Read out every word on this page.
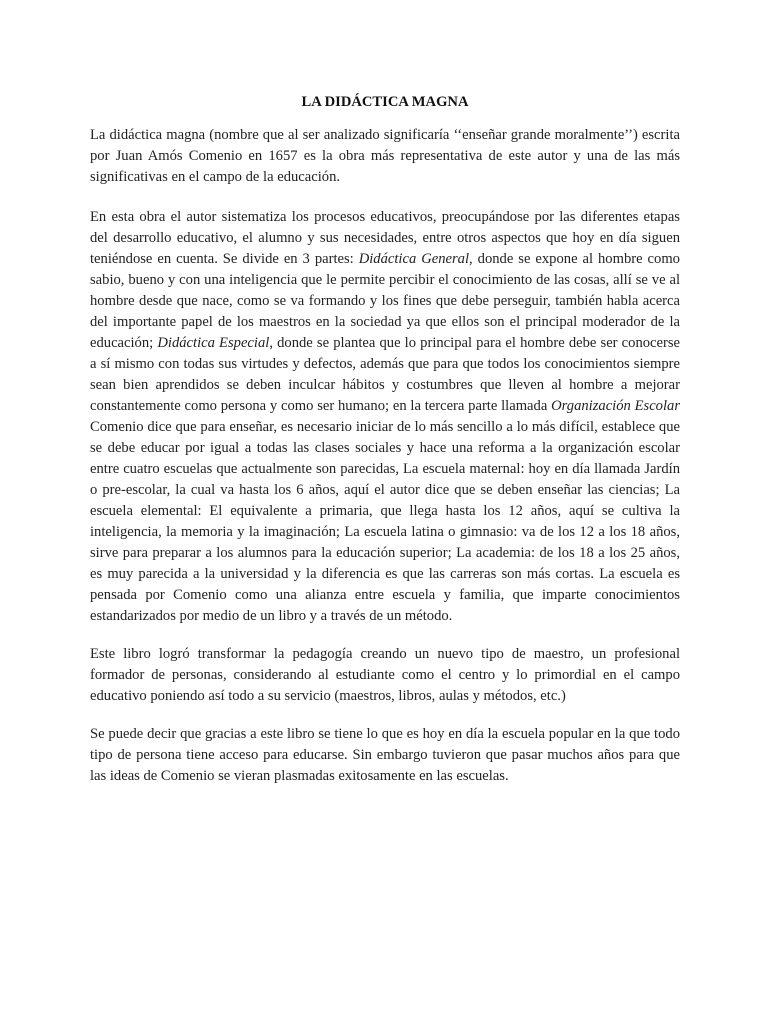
LA DIDÁCTICA MAGNA

La didáctica magna (nombre que al ser analizado significaría ‘‘enseñar grande moralmente’’) escrita por Juan Amós Comenio en 1657 es la obra más representativa de este autor y una de las más significativas en el campo de la educación.

En esta obra el autor sistematiza los procesos educativos, preocupándose por las diferentes etapas del desarrollo educativo, el alumno y sus necesidades, entre otros aspectos que hoy en día siguen teniéndose en cuenta. Se divide en 3 partes: Didáctica General, donde se expone al hombre como sabio, bueno y con una inteligencia que le permite percibir el conocimiento de las cosas, allí se ve al hombre desde que nace, como se va formando y los fines que debe perseguir, también habla acerca del importante papel de los maestros en la sociedad ya que ellos son el principal moderador de la educación; Didáctica Especial, donde se plantea que lo principal para el hombre debe ser conocerse a sí mismo con todas sus virtudes y defectos, además que para que todos los conocimientos siempre sean bien aprendidos se deben inculcar hábitos y costumbres que lleven al hombre a mejorar constantemente como persona y como ser humano; en la tercera parte llamada Organización Escolar Comenio dice que para enseñar, es necesario iniciar de lo más sencillo a lo más difícil, establece que se debe educar por igual a todas las clases sociales y hace una reforma a la organización escolar entre cuatro escuelas que actualmente son parecidas, La escuela maternal: hoy en día llamada Jardín o pre-escolar, la cual va hasta los 6 años, aquí el autor dice que se deben enseñar las ciencias; La escuela elemental: El equivalente a primaria, que llega hasta los 12 años, aquí se cultiva la inteligencia, la memoria y la imaginación; La escuela latina o gimnasio: va de los 12 a los 18 años, sirve para preparar a los alumnos para la educación superior; La academia: de los 18 a los 25 años, es muy parecida a la universidad y la diferencia es que las carreras son más cortas. La escuela es pensada por Comenio como una alianza entre escuela y familia, que imparte conocimientos estandarizados por medio de un libro y a través de un método.

Este libro logró transformar la pedagogía creando un nuevo tipo de maestro, un profesional formador de personas, considerando al estudiante como el centro y lo primordial en el campo educativo poniendo así todo a su servicio (maestros, libros, aulas y métodos, etc.)

Se puede decir que gracias a este libro se tiene lo que es hoy en día la escuela popular en la que todo tipo de persona tiene acceso para educarse. Sin embargo tuvieron que pasar muchos años para que las ideas de Comenio se vieran plasmadas exitosamente en las escuelas.
